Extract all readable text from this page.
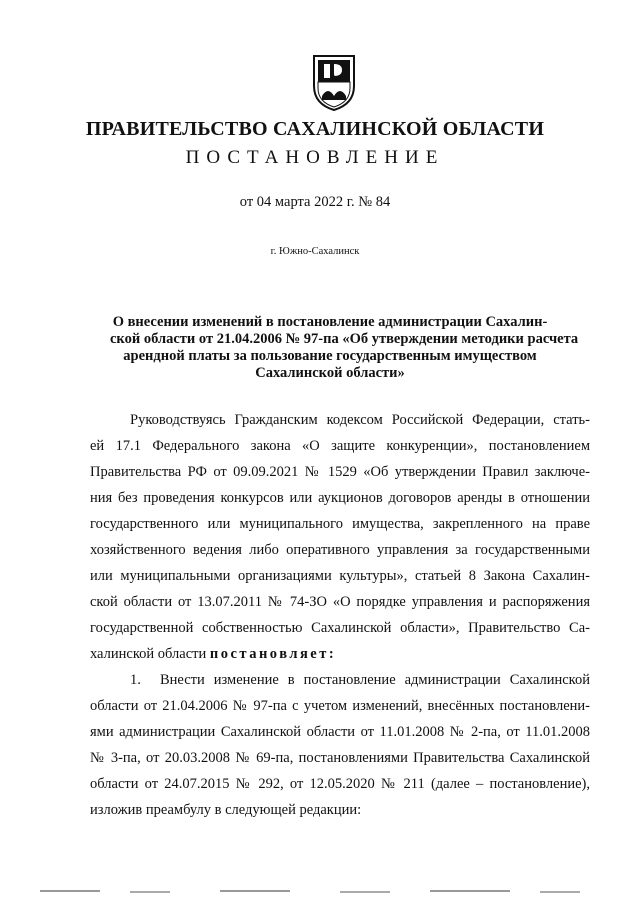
ПРАВИТЕЛЬСТВО САХАЛИНСКОЙ ОБЛАСТИ
ПОСТАНОВЛЕНИЕ
от 04 марта 2022 г. № 84
г. Южно-Сахалинск
О внесении изменений в постановление администрации Сахалин-
ской области от 21.04.2006 № 97-па «Об утверждении методики расчета
арендной платы за пользование государственным имуществом
Сахалинской области»
Руководствуясь Гражданским кодексом Российской Федерации, стать-
ей 17.1 Федерального закона «О защите конкуренции», постановлением
Правительства РФ от 09.09.2021 № 1529 «Об утверждении Правил заключе-
ния без проведения конкурсов или аукционов договоров аренды в отношении
государственного или муниципального имущества, закрепленного на праве
хозяйственного ведения либо оперативного управления за государственными
или муниципальными организациями культуры», статьей 8 Закона Сахалин-
ской области от 13.07.2011 № 74-ЗО «О порядке управления и распоряжения
государственной собственностью Сахалинской области», Правительство Са-
халинской области постановляет:
1. Внести изменение в постановление администрации Сахалинской
области от 21.04.2006 № 97-па с учетом изменений, внесённых постановлени-
ями администрации Сахалинской области от 11.01.2008 № 2-па, от 11.01.2008
№ 3-па, от 20.03.2008 № 69-па, постановлениями Правительства Сахалинской
области от 24.07.2015 № 292, от 12.05.2020 № 211 (далее – постановление),
изложив преамбулу в следующей редакции:
